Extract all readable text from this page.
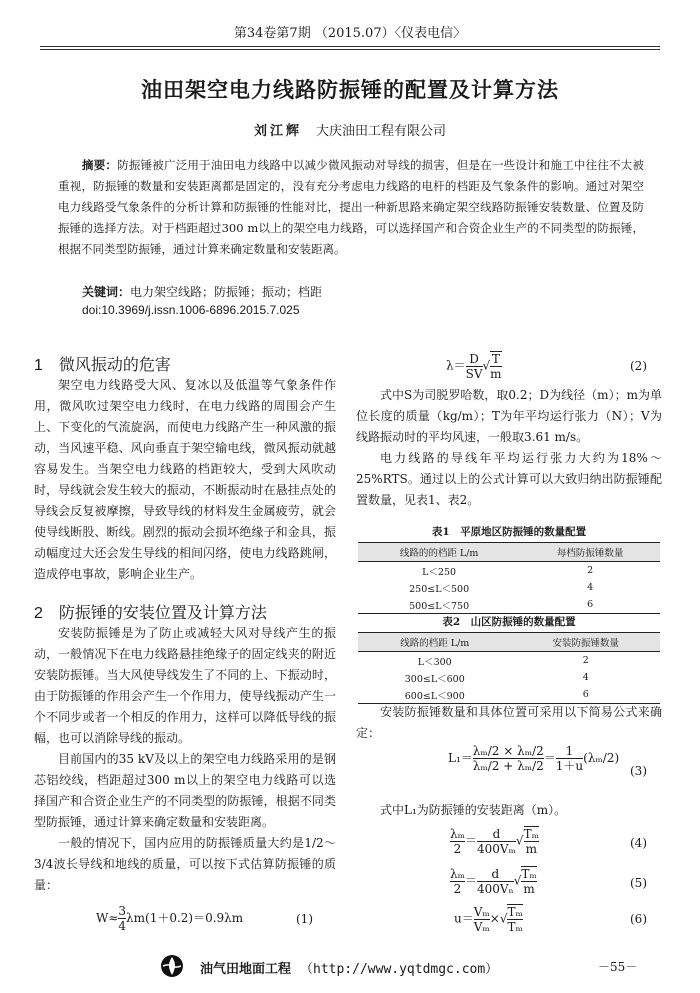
第34卷第7期 （2015.07）〈仪表电信〉
油田架空电力线路防振锤的配置及计算方法
刘江辉 大庆油田工程有限公司
摘要：防振锤被广泛用于油田电力线路中以减少微风振动对导线的损害，但是在一些设计和施工中往往不太被重视，防振锤的数量和安装距离都是固定的，没有充分考虑电力线路的电杆的档距及气象条件的影响。通过对架空电力线路受气象条件的分析计算和防振锤的性能对比，提出一种新思路来确定架空线路防振锤安装数量、位置及防振锤的选择方法。对于档距超过300 m以上的架空电力线路，可以选择国产和合资企业生产的不同类型的防振锤，根据不同类型防振锤，通过计算来确定数量和安装距离。
关键词：电力架空线路；防振锤；振动；档距
doi:10.3969/j.issn.1006-6896.2015.7.025
1 微风振动的危害

架空电力线路受大风、复冰以及低温等气象条件作用，微风吹过架空电力线时，在电力线路的周围会产生上、下变化的气流旋涡，而使电力线路产生一种风激的振动，当风速平稳、风向垂直于架空输电线，微风振动就越容易发生。当架空电力线路的档距较大，受到大风吹动时，导线就会发生较大的振动，不断振动时在悬挂点处的导线会反复被摩擦，导致导线的材料发生金属疲劳，就会使导线断股、断线。剧烈的振动会损坏绝缘子和金具，振动幅度过大还会发生导线的相间闪络，使电力线路跳闸，造成停电事故，影响企业生产。

2 防振锤的安装位置及计算方法

安装防振锤是为了防止或减轻大风对导线产生的振动，一般情况下在电力线路悬挂绝缘子的固定线夹的附近安装防振锤。当大风使导线发生了不同的上、下振动时，由于防振锤的作用会产生一个作用力，使导线振动产生一个不同步或者一个相反的作用力，这样可以降低导线的振幅，也可以消除导线的振动。

目前国内的35 kV及以上的架空电力线路采用的是钢芯铝绞线，档距超过300 m以上的架空电力线路可以选择国产和合资企业生产的不同类型的防振锤，根据不同类型防振锤，通过计算来确定数量和安装距离。

一般的情况下，国内应用的防振锤质量大约是1/2～3/4波长导线和地线的质量，可以按下式估算防振锤的质量：

$W\approx \frac{3}{4} \lambda m(1+0.2)=0.9\lambda m$	(1)
$\lambda= \frac{D}{SV}$ √ $\frac{T}{m}$	(2)

式中S为司脱罗哈数，取0.2；D为线径（m）；m为单位长度的质量（kg/m）；T为年平均运行张力（N）；V为线路振动时的平均风速，一般取3.61 m/s。

电力线路的导线年平均运行张力大约为18%～25%RTS。通过以上的公式计算可以大致归纳出防振锤配置数量，见表1、表2。

表1　平原地区防振锤的数量配置
线路的的档距 L/m	每档防振锤数量
L＜250	2
250≤L＜500	4
500≤L＜750	6
表2　山区防振锤的数量配置
线路的档距 L/m	安装防振锤数量
L＜300	2
300≤L＜600	4
600≤L＜900	6

安装防振锤数量和具体位置可采用以下简易公式来确定：

$L_1= \frac{\text{λₘ/2 × λₘ/2}}{\text{λₘ/2 + λₘ/2}} = \frac{1}{1+u} (\lambda_m/2)$
(3)

式中L₁为防振锤的安装距离（m）。

$\frac{\text{λₘ}}{2} = \frac{d}{\text{400Vₘ}}$ √ $\frac{\text{Tₘ}}{m}$	(4)
$\frac{\text{λₘ}}{2} = \frac{d}{\text{400Vₙ}}$ √ $\frac{\text{Tₘ}}{m}$	(5)
$u= \frac{\text{Vₘ}}{\text{Vₘ}}$ ×√ $\frac{\text{Tₘ}}{\text{Tₘ}}$	(6)
油气田地面工程 （http://www.yqtdmgc.com）	－55－
